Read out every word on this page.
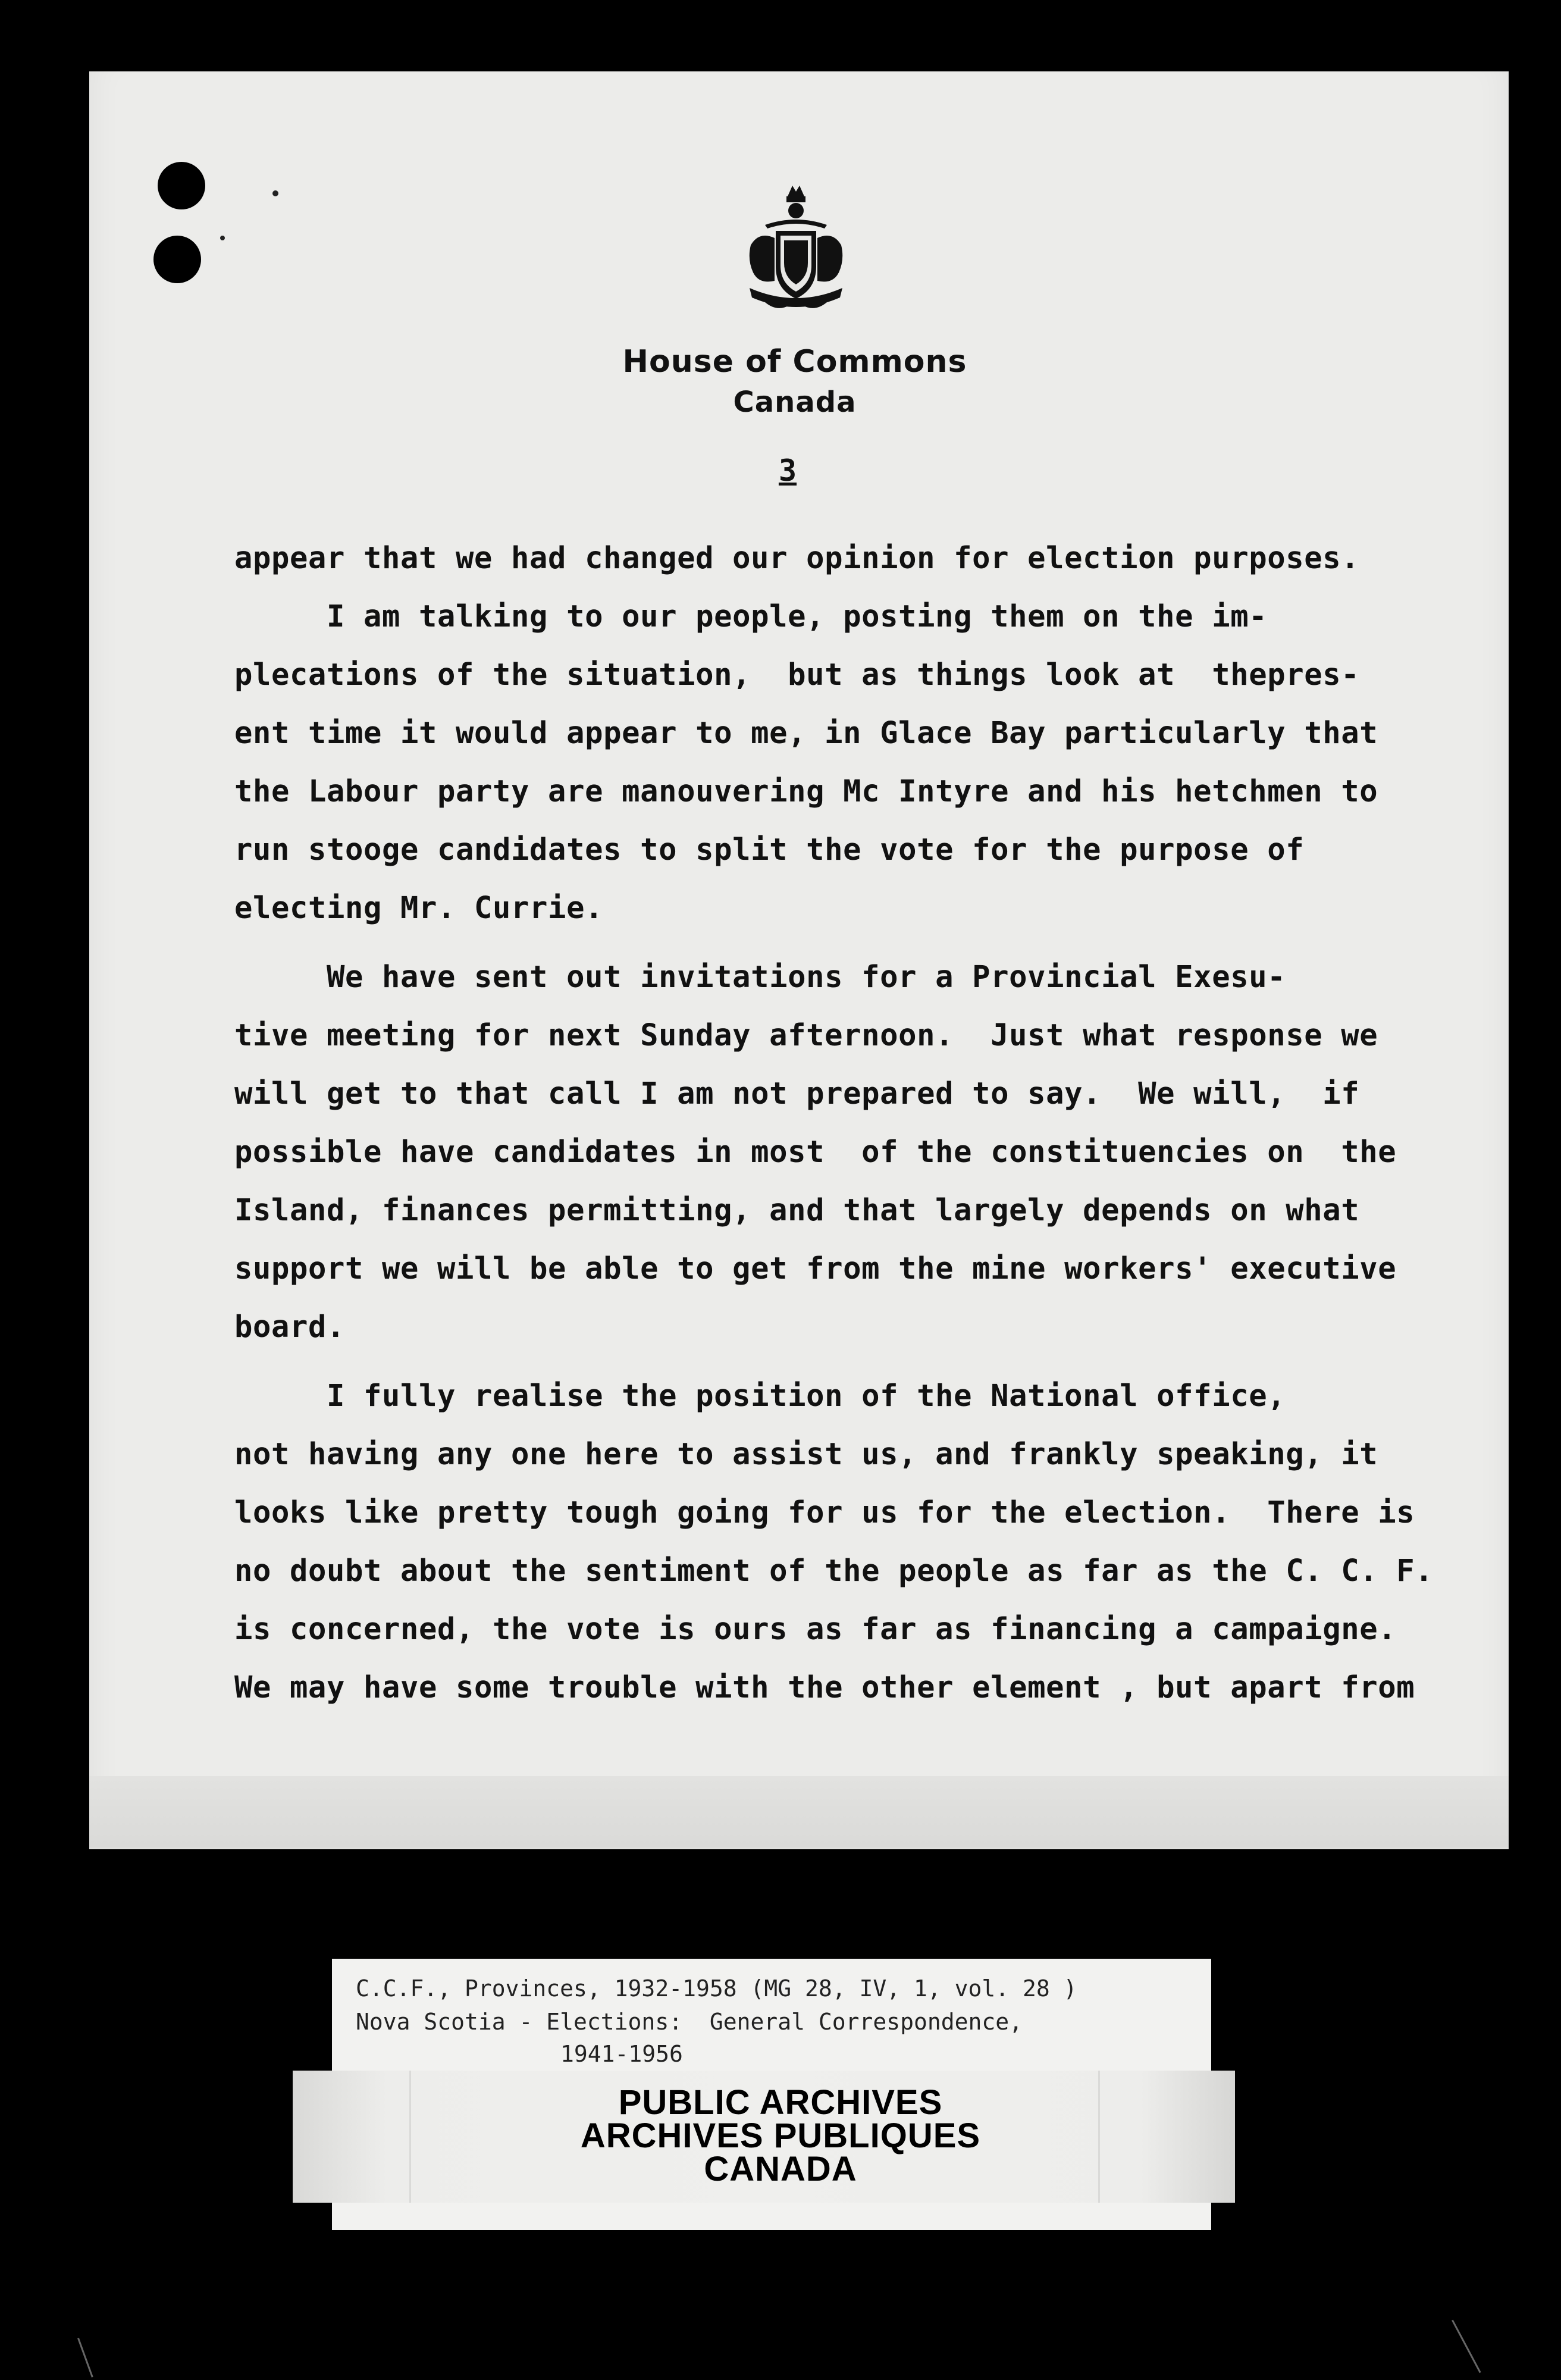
House of Commons
Canada
3
appear that we had changed our opinion for election purposes.
I am talking to our people, posting them on the im-
plecations of the situation,  but as things look at  thepres-
ent time it would appear to me, in Glace Bay particularly that
the Labour party are manouvering Mc Intyre and his hetchmen to
run stooge candidates to split the vote for the purpose of
electing Mr. Currie.
We have sent out invitations for a Provincial Exesu-
tive meeting for next Sunday afternoon.  Just what response we
will get to that call I am not prepared to say.  We will,  if
possible have candidates in most  of the constituencies on  the
Island, finances permitting, and that largely depends on what
support we will be able to get from the mine workers' executive
board.
I fully realise the position of the National office,
not having any one here to assist us, and frankly speaking, it
looks like pretty tough going for us for the election.  There is
no doubt about the sentiment of the people as far as the C. C. F.
is concerned, the vote is ours as far as financing a campaigne.
We may have some trouble with the other element , but apart from
C.C.F., Provinces, 1932-1958 (MG 28, IV, 1, vol. 28 )
Nova Scotia - Elections:  General Correspondence,
1941-1956
PUBLIC ARCHIVES
ARCHIVES PUBLIQUES
CANADA
